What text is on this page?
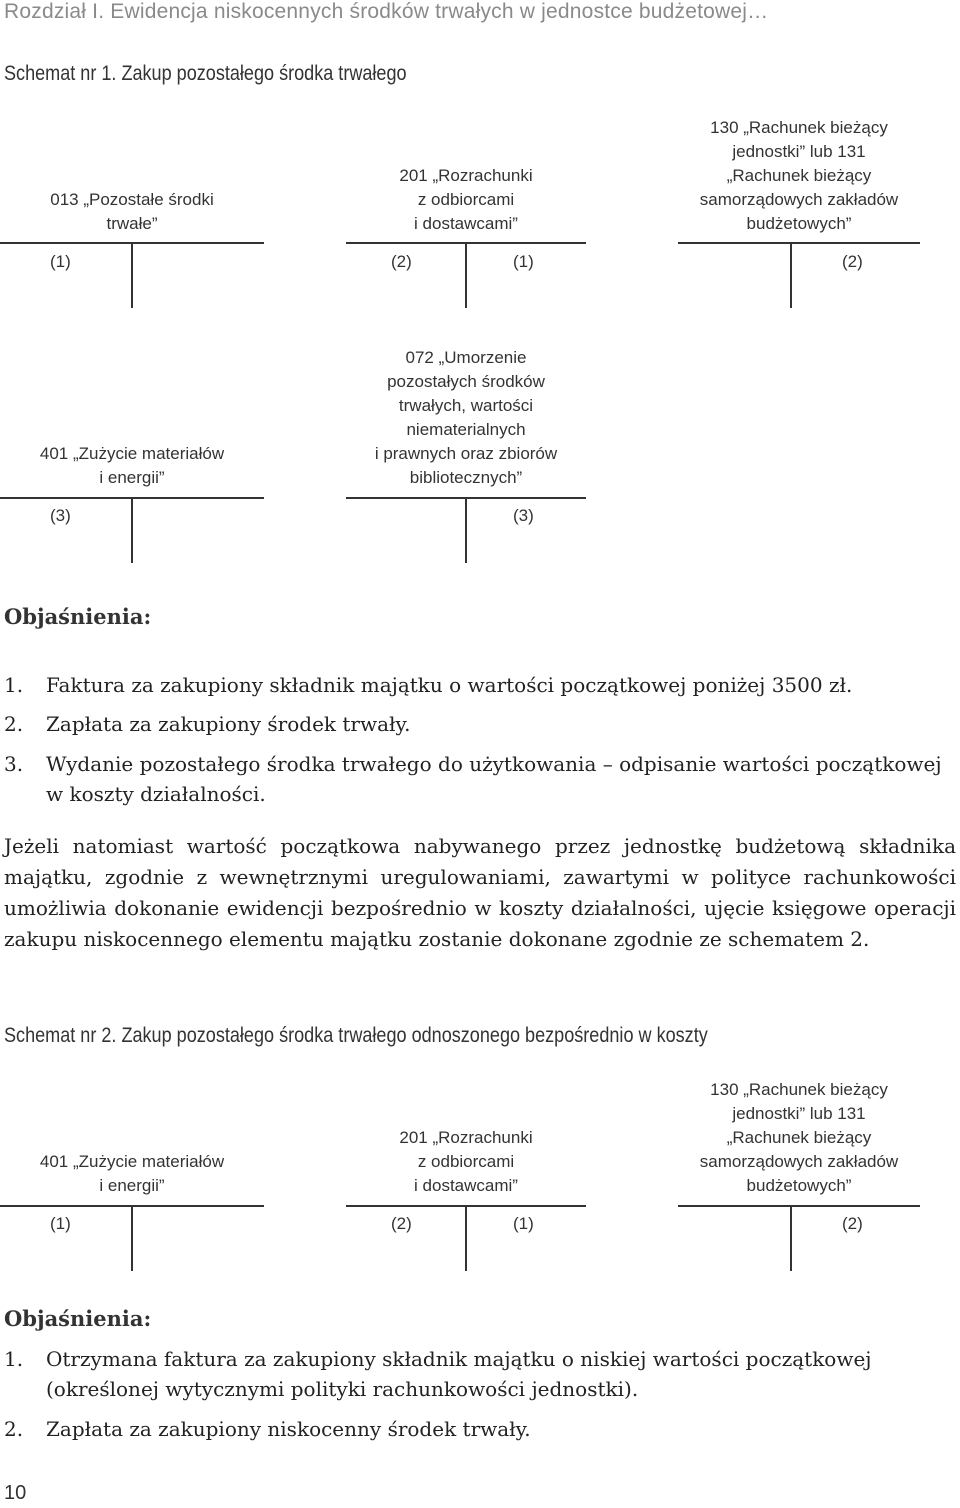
Rozdział I. Ewidencja niskocennych środków trwałych w jednostce budżetowej…
Schemat nr 1. Zakup pozostałego środka trwałego
013 „Pozostałe środki
trwałe”
(1)
201 „Rozrachunki
z odbiorcami
i dostawcami”
(2)	(1)
130 „Rachunek bieżący
jednostki” lub 131
„Rachunek bieżący
samorządowych zakładów
budżetowych”
(2)
401 „Zużycie materiałów
i energii”
(3)
072 „Umorzenie
pozostałych środków
trwałych, wartości
niematerialnych
i prawnych oraz zbiorów
bibliotecznych”
(3)
Objaśnienia:
1.	Faktura za zakupiony składnik majątku o wartości początkowej poniżej 3500 zł.
2.	Zapłata za zakupiony środek trwały.
3.	Wydanie pozostałego środka trwałego do użytkowania – odpisanie wartości początkowej w koszty działalności.
Jeżeli natomiast wartość początkowa nabywanego przez jednostkę budżetową składnika majątku, zgodnie z wewnętrznymi uregulowaniami, zawartymi w polityce rachunkowości umożliwia dokonanie ewidencji bezpośrednio w koszty działalności, ujęcie księgowe operacji zakupu niskocennego elementu majątku zostanie dokonane zgodnie ze schematem 2.
Schemat nr 2. Zakup pozostałego środka trwałego odnoszonego bezpośrednio w koszty
401 „Zużycie materiałów
i energii”
(1)
201 „Rozrachunki
z odbiorcami
i dostawcami”
(2)	(1)
130 „Rachunek bieżący
jednostki” lub 131
„Rachunek bieżący
samorządowych zakładów
budżetowych”
(2)
Objaśnienia:
1.	Otrzymana faktura za zakupiony składnik majątku o niskiej wartości początkowej (określonej wytycznymi polityki rachunkowości jednostki).
2.	Zapłata za zakupiony niskocenny środek trwały.
10
